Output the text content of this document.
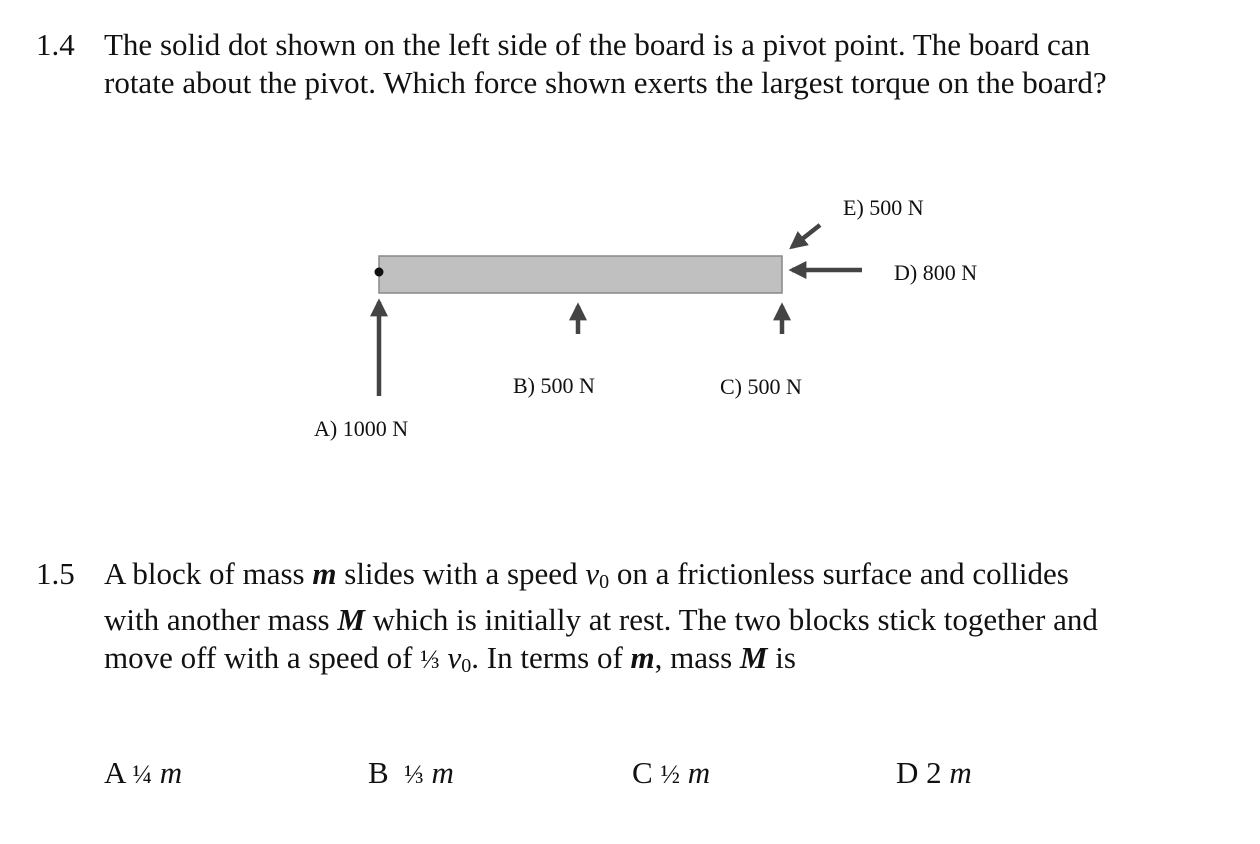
1.4 The solid dot shown on the left side of the board is a pivot point. The board can
rotate about the pivot. Which force shown exerts the largest torque on the board?
E) 500 N
D) 800 N
B) 500 N	C) 500 N
A) 1000 N
1.5 A block of mass m slides with a speed $v_0$ on a frictionless surface and collides
with another mass M which is initially at rest. The two blocks stick together and
move off with a speed of ⅓ $v_0$. In terms of m, mass M is
A ¼ m	B ⅓ m	C ½ m	D 2 m
